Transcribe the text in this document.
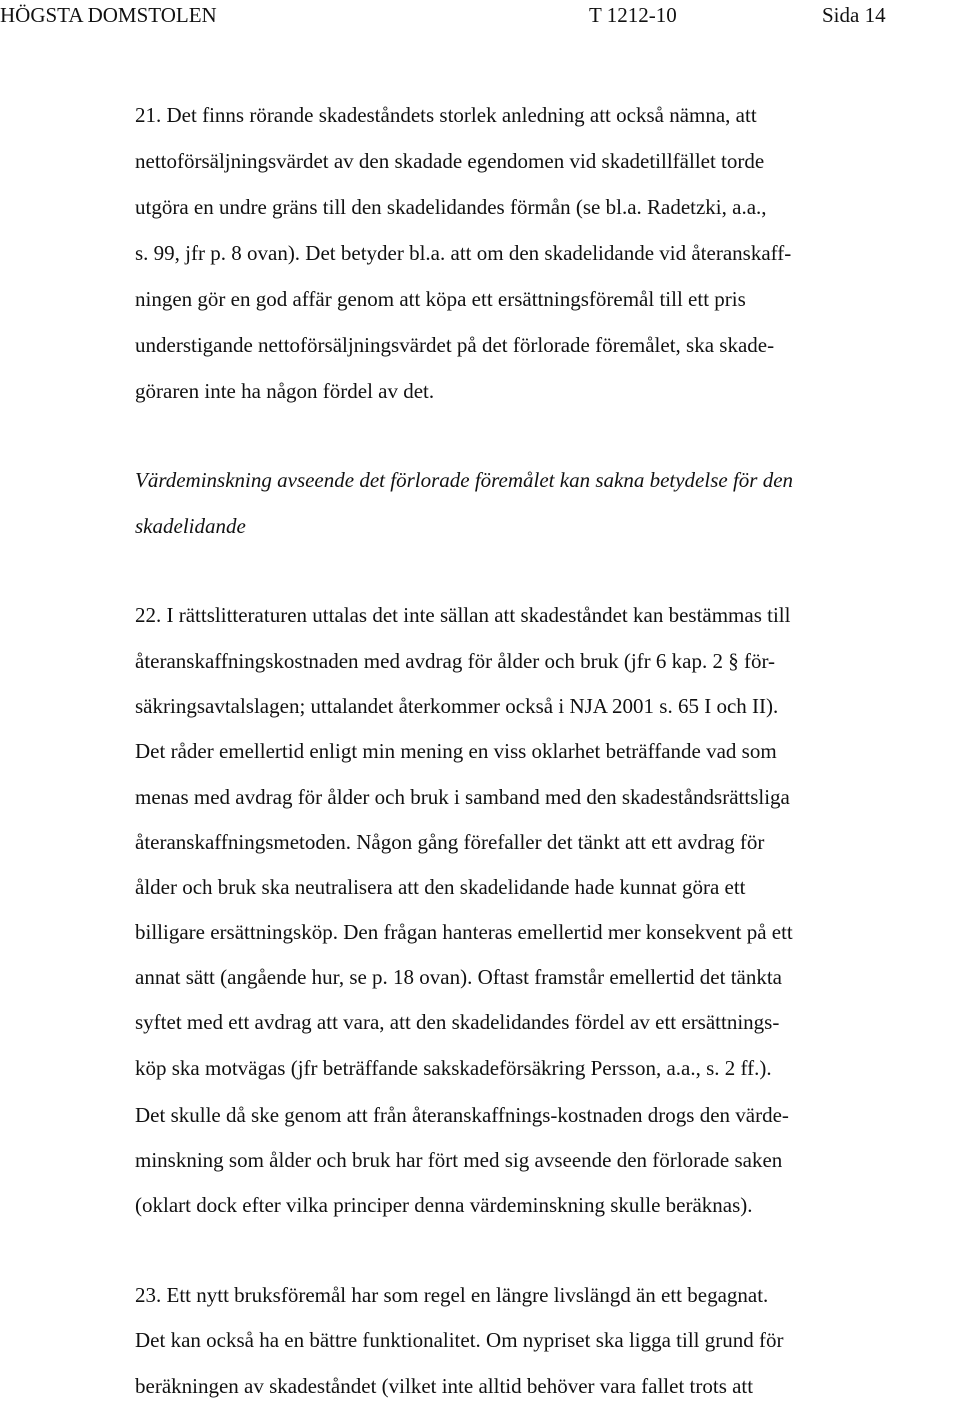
HÖGSTA DOMSTOLEN	T 1212-10	Sida 14
21. Det finns rörande skadeståndets storlek anledning att också nämna, att
nettoförsäljningsvärdet av den skadade egendomen vid skadetillfället torde
utgöra en undre gräns till den skadelidandes förmån (se bl.a. Radetzki, a.a.,
s. 99, jfr p. 8 ovan). Det betyder bl.a. att om den skadelidande vid återanskaff-
ningen gör en god affär genom att köpa ett ersättningsföremål till ett pris
understigande nettoförsäljningsvärdet på det förlorade föremålet, ska skade-
göraren inte ha någon fördel av det.
Värdeminskning avseende det förlorade föremålet kan sakna betydelse för den
skadelidande
22. I rättslitteraturen uttalas det inte sällan att skadeståndet kan bestämmas till
återanskaffningskostnaden med avdrag för ålder och bruk (jfr 6 kap. 2 § för-
säkringsavtalslagen; uttalandet återkommer också i NJA 2001 s. 65 I och II).
Det råder emellertid enligt min mening en viss oklarhet beträffande vad som
menas med avdrag för ålder och bruk i samband med den skadeståndsrättsliga
återanskaffningsmetoden. Någon gång förefaller det tänkt att ett avdrag för
ålder och bruk ska neutralisera att den skadelidande hade kunnat göra ett
billigare ersättningsköp. Den frågan hanteras emellertid mer konsekvent på ett
annat sätt (angående hur, se p. 18 ovan). Oftast framstår emellertid det tänkta
syftet med ett avdrag att vara, att den skadelidandes fördel av ett ersättnings-
köp ska motvägas (jfr beträffande sakskadeförsäkring Persson, a.a., s. 2 ff.).
Det skulle då ske genom att från återanskaffnings-kostnaden drogs den värde-
minskning som ålder och bruk har fört med sig avseende den förlorade saken
(oklart dock efter vilka principer denna värdeminskning skulle beräknas).
23. Ett nytt bruksföremål har som regel en längre livslängd än ett begagnat.
Det kan också ha en bättre funktionalitet. Om nypriset ska ligga till grund för
beräkningen av skadeståndet (vilket inte alltid behöver vara fallet trots att
